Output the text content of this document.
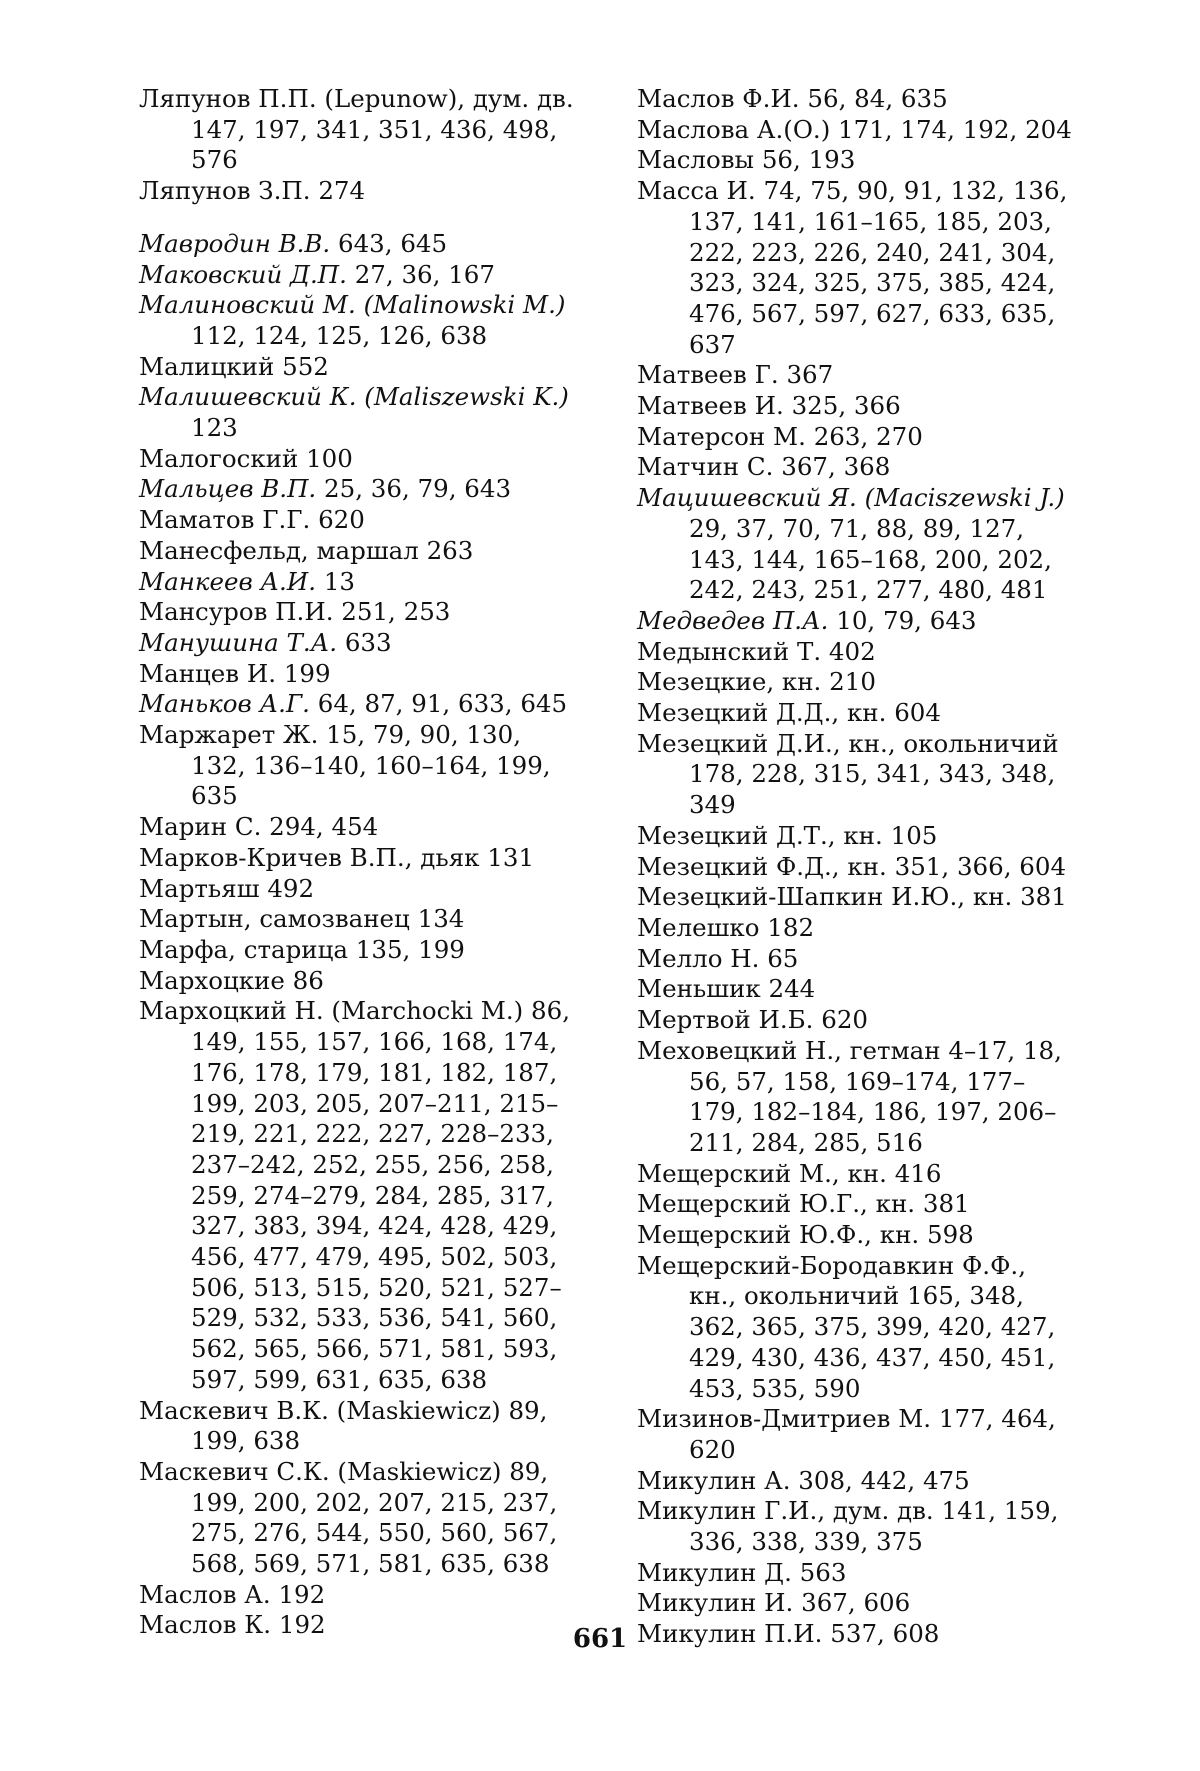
Ляпунов П.П. (Lepunow), дум. дв. 147, 197, 341, 351, 436, 498, 576
Ляпунов З.П. 274
Мавродин В.В. 643, 645
Маковский Д.П. 27, 36, 167
Малиновский М. (Malinowski M.) 112, 124, 125, 126, 638
Малицкий 552
Малишевский К. (Maliszewski K.) 123
Малогоский 100
Мальцев В.П. 25, 36, 79, 643
Маматов Г.Г. 620
Манесфельд, маршал 263
Манкеев А.И. 13
Мансуров П.И. 251, 253
Манушина Т.А. 633
Манцев И. 199
Маньков А.Г. 64, 87, 91, 633, 645
Маржарет Ж. 15, 79, 90, 130, 132, 136–140, 160–164, 199, 635
Марин С. 294, 454
Марков-Кричев В.П., дьяк 131
Мартьяш 492
Мартын, самозванец 134
Марфа, старица 135, 199
Мархоцкие 86
Мархоцкий Н. (Marchocki M.) 86, 149, 155, 157, 166, 168, 174, 176, 178, 179, 181, 182, 187, 199, 203, 205, 207–211, 215–219, 221, 222, 227, 228–233, 237–242, 252, 255, 256, 258, 259, 274–279, 284, 285, 317, 327, 383, 394, 424, 428, 429, 456, 477, 479, 495, 502, 503, 506, 513, 515, 520, 521, 527–529, 532, 533, 536, 541, 560, 562, 565, 566, 571, 581, 593, 597, 599, 631, 635, 638
Маскевич В.К. (Maskiewicz) 89, 199, 638
Маскевич С.К. (Maskiewicz) 89, 199, 200, 202, 207, 215, 237, 275, 276, 544, 550, 560, 567, 568, 569, 571, 581, 635, 638
Маслов А. 192
Маслов К. 192
Маслов Ф.И. 56, 84, 635
Маслова А.(О.) 171, 174, 192, 204
Масловы 56, 193
Масса И. 74, 75, 90, 91, 132, 136, 137, 141, 161–165, 185, 203, 222, 223, 226, 240, 241, 304, 323, 324, 325, 375, 385, 424, 476, 567, 597, 627, 633, 635, 637
Матвеев Г. 367
Матвеев И. 325, 366
Матерсон М. 263, 270
Матчин С. 367, 368
Мацишевский Я. (Maciszewski J.) 29, 37, 70, 71, 88, 89, 127, 143, 144, 165–168, 200, 202, 242, 243, 251, 277, 480, 481
Медведев П.А. 10, 79, 643
Медынский Т. 402
Мезецкие, кн. 210
Мезецкий Д.Д., кн. 604
Мезецкий Д.И., кн., окольничий 178, 228, 315, 341, 343, 348, 349
Мезецкий Д.Т., кн. 105
Мезецкий Ф.Д., кн. 351, 366, 604
Мезецкий-Шапкин И.Ю., кн. 381
Мелешко 182
Мелло Н. 65
Меньшик 244
Мертвой И.Б. 620
Меховецкий Н., гетман 4–17, 18, 56, 57, 158, 169–174, 177–179, 182–184, 186, 197, 206–211, 284, 285, 516
Мещерский М., кн. 416
Мещерский Ю.Г., кн. 381
Мещерский Ю.Ф., кн. 598
Мещерский-Бородавкин Ф.Ф., кн., окольничий 165, 348, 362, 365, 375, 399, 420, 427, 429, 430, 436, 437, 450, 451, 453, 535, 590
Мизинов-Дмитриев М. 177, 464, 620
Микулин А. 308, 442, 475
Микулин Г.И., дум. дв. 141, 159, 336, 338, 339, 375
Микулин Д. 563
Микулин И. 367, 606
Микулин П.И. 537, 608
661
